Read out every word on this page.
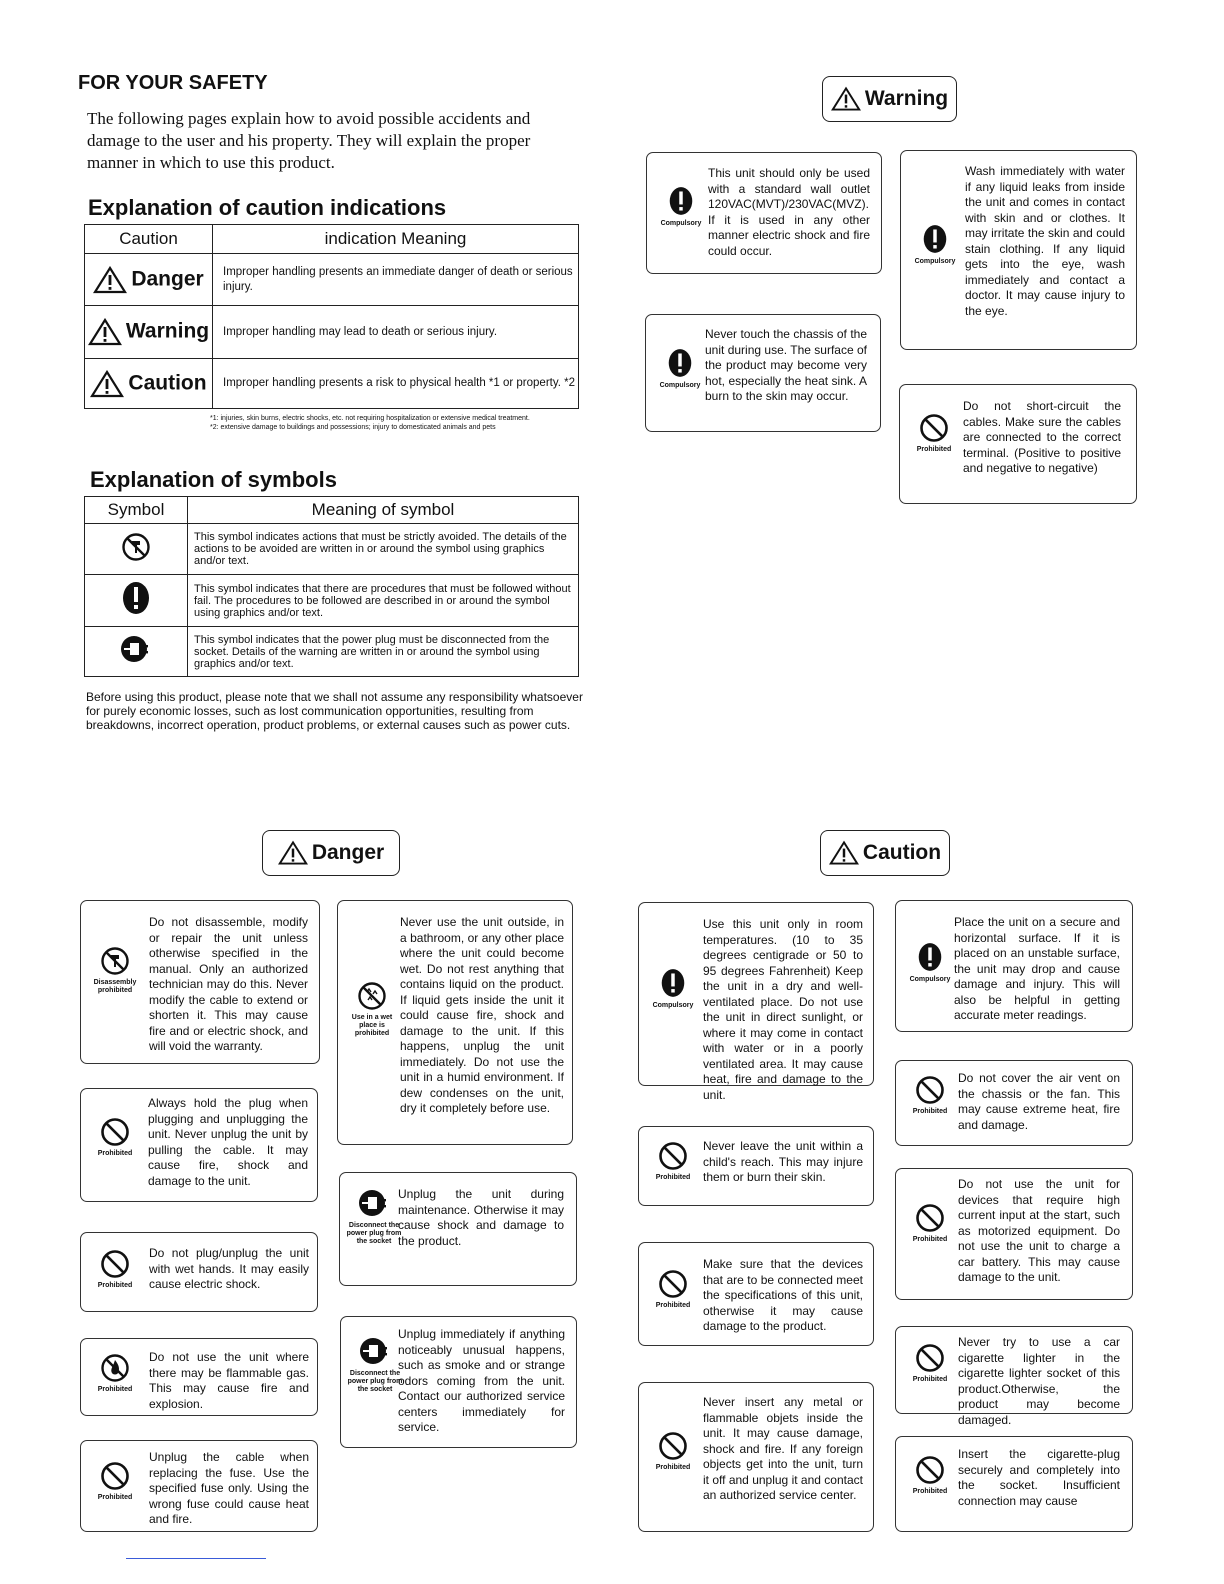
FOR YOUR SAFETY
The following pages explain how to avoid possible accidents and damage to the user and his property. They will explain the proper manner in which to use this product.
Explanation of caution indications
Caution	indication Meaning
Danger	Improper handling presents an immediate danger of death or serious injury.
Warning	Improper handling may lead to death or serious injury.
Caution	Improper handling presents a risk to physical health *1 or property. *2
*1: injuries, skin burns, electric shocks, etc. not requiring hospitalization or extensive medical treatment.
*2: extensive damage to buildings and possessions; injury to domesticated animals and pets
Explanation of symbols
Symbol	Meaning of symbol
	This symbol indicates actions that must be strictly avoided. The details of the actions to be avoided are written in or around the symbol using graphics and/or text.
	This symbol indicates that there are procedures that must be followed without fail. The procedures to be followed are described in or around the symbol using graphics and/or text.
	This symbol indicates that the power plug must be disconnected from the socket. Details of the warning are written in or around the symbol using graphics and/or text.
Before using this product, please note that we shall not assume any responsibility whatsoever for purely economic losses, such as lost communication opportunities, resulting from breakdowns, incorrect operation, product problems, or external causes such as power cuts.
Warning
Compulsory
This unit should only be used with a standard wall outlet 120VAC(MVT)/230VAC(MVZ). If it is used in any other manner electric shock and fire could occur.
Compulsory
Wash immediately with water if any liquid leaks from inside the unit and comes in contact with skin and or clothes. It may irritate the skin and could stain clothing. If any liquid gets into the eye, wash immediately and contact a doctor. It may cause injury to the eye.
Compulsory
Never touch the chassis of the unit during use. The surface of the product may become very hot, especially the heat sink. A burn to the skin may occur.
Prohibited
Do not short-circuit the cables. Make sure the cables are connected to the correct terminal. (Positive to positive and negative to negative)
Danger
Disassembly prohibited
Do not disassemble, modify or repair the unit unless otherwise specified in the manual. Only an authorized technician may do this. Never modify the cable to extend or shorten it. This may cause fire and or electric shock, and will void the warranty.
Use in a wet place is prohibited
Never use the unit outside, in a bathroom, or any other place where the unit could become wet. Do not rest anything that contains liquid on the product. If liquid gets inside the unit it could cause fire, shock and damage to the unit. If this happens, unplug the unit immediately. Do not use the unit in a humid environment. If dew condenses on the unit, dry it completely before use.
Prohibited
Always hold the plug when plugging and unplugging the unit. Never unplug the unit by pulling the cable. It may cause fire, shock and damage to the unit.
Disconnect the power plug from the socket
Unplug the unit during maintenance. Otherwise it may cause shock and damage to the product.
Prohibited
Do not plug/unplug the unit with wet hands. It may easily cause electric shock.
Disconnect the power plug from the socket
Unplug immediately if anything noticeably unusual happens, such as smoke and or strange odors coming from the unit. Contact our authorized service centers immediately for service.
Prohibited
Do not use the unit where there may be flammable gas. This may cause fire and explosion.
Prohibited
Unplug the cable when replacing the fuse. Use the specified fuse only. Using the wrong fuse could cause heat and fire.
Caution
Compulsory
Use this unit only in room temperatures. (10 to 35 degrees centigrade or 50 to 95 degrees Fahrenheit) Keep the unit in a dry and well-ventilated place. Do not use the unit in direct sunlight, or where it may come in contact with water or in a poorly ventilated area. It may cause heat, fire and damage to the unit.
Compulsory
Place the unit on a secure and horizontal surface. If it is placed on an unstable surface, the unit may drop and cause damage and injury. This will also be helpful in getting accurate meter readings.
Prohibited
Never leave the unit within a child's reach. This may injure them or burn their skin.
Prohibited
Do not cover the air vent on the chassis or the fan. This may cause extreme heat, fire and damage.
Prohibited
Make sure that the devices that are to be connected meet the specifications of this unit, otherwise it may cause damage to the product.
Prohibited
Do not use the unit for devices that require high current input at the start, such as motorized equipment. Do not use the unit to charge a car battery. This may cause damage to the unit.
Prohibited
Never insert any metal or flammable objets inside the unit. It may cause damage, shock and fire. If any foreign objects get into the unit, turn it off and unplug it and contact an authorized service center.
Prohibited
Never try to use a car cigarette lighter in the cigarette lighter socket of this product.Otherwise, the product may become damaged.
Prohibited
Insert the cigarette-plug securely and completely into the socket. Insufficient connection may cause
